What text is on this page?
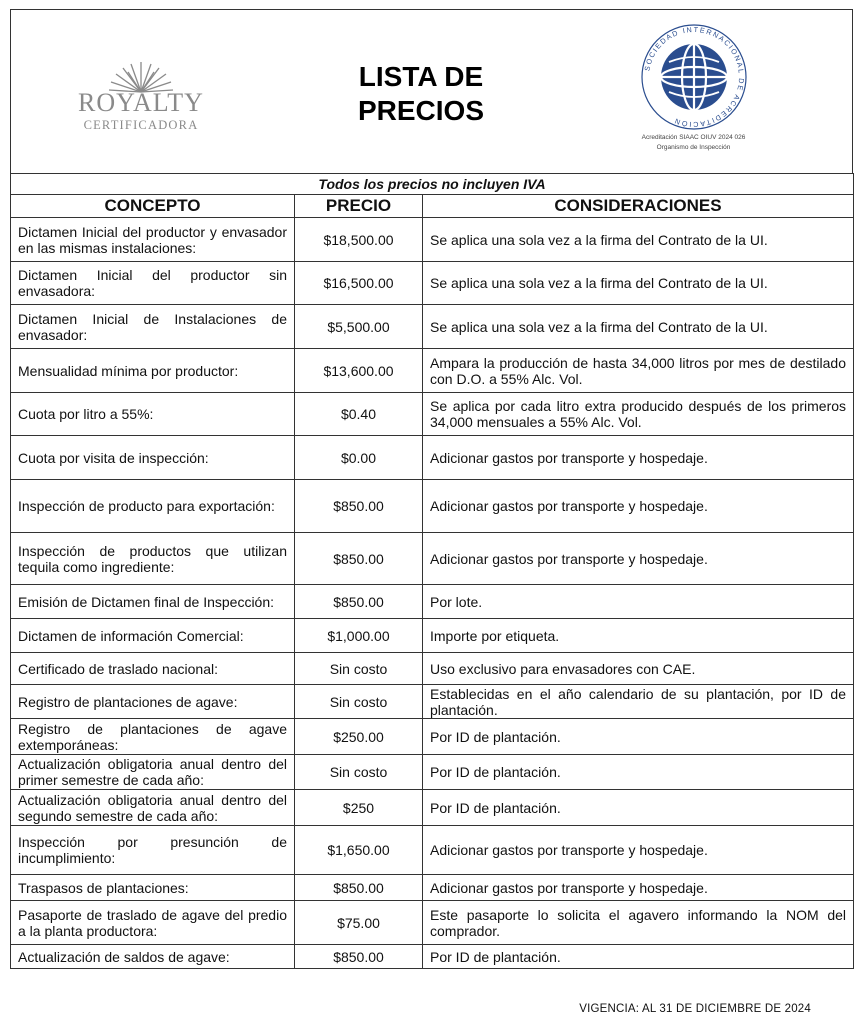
ROYALTY
CERTIFICADORA
LISTA DE
PRECIOS
SOCIEDAD INTERNACIONAL DE ACREDITACIÓN
Acreditación SIAAC OIUV 2024 026
Organismo de Inspección
Todos los precios no incluyen IVA		
CONCEPTO	PRECIO	CONSIDERACIONES
Dictamen Inicial del productor y envasador en las mismas instalaciones:	$18,500.00	Se aplica una sola vez a la firma del Contrato de la UI.
Dictamen Inicial del productor sin envasadora:	$16,500.00	Se aplica una sola vez a la firma del Contrato de la UI.
Dictamen Inicial de Instalaciones de envasador:	$5,500.00	Se aplica una sola vez a la firma del Contrato de la UI.
Mensualidad mínima por productor:	$13,600.00	Ampara la producción de hasta 34,000 litros por mes de destilado con D.O. a 55% Alc. Vol.
Cuota por litro a 55%:	$0.40	Se aplica por cada litro extra producido después de los primeros 34,000 mensuales a 55% Alc. Vol.
Cuota por visita de inspección:	$0.00	Adicionar gastos por transporte y hospedaje.
Inspección de producto para exportación:	$850.00	Adicionar gastos por transporte y hospedaje.
Inspección de productos que utilizan tequila como ingrediente:	$850.00	Adicionar gastos por transporte y hospedaje.
Emisión de Dictamen final de Inspección:	$850.00	Por lote.
Dictamen de información Comercial:	$1,000.00	Importe por etiqueta.
Certificado de traslado nacional:	Sin costo	Uso exclusivo para envasadores con CAE.
Registro de plantaciones de agave:	Sin costo	Establecidas en el año calendario de su plantación, por ID de plantación.
Registro de plantaciones de agave extemporáneas:	$250.00	Por ID de plantación.
Actualización obligatoria anual dentro del primer semestre de cada año:	Sin costo	Por ID de plantación.
Actualización obligatoria anual dentro del segundo semestre de cada año:	$250	Por ID de plantación.
Inspección por presunción de incumplimiento:	$1,650.00	Adicionar gastos por transporte y hospedaje.
Traspasos de plantaciones:	$850.00	Adicionar gastos por transporte y hospedaje.
Pasaporte de traslado de agave del predio a la planta productora:	$75.00	Este pasaporte lo solicita el agavero informando la NOM del comprador.
Actualización de saldos de agave:	$850.00	Por ID de plantación.
VIGENCIA: AL 31 DE DICIEMBRE DE 2024
